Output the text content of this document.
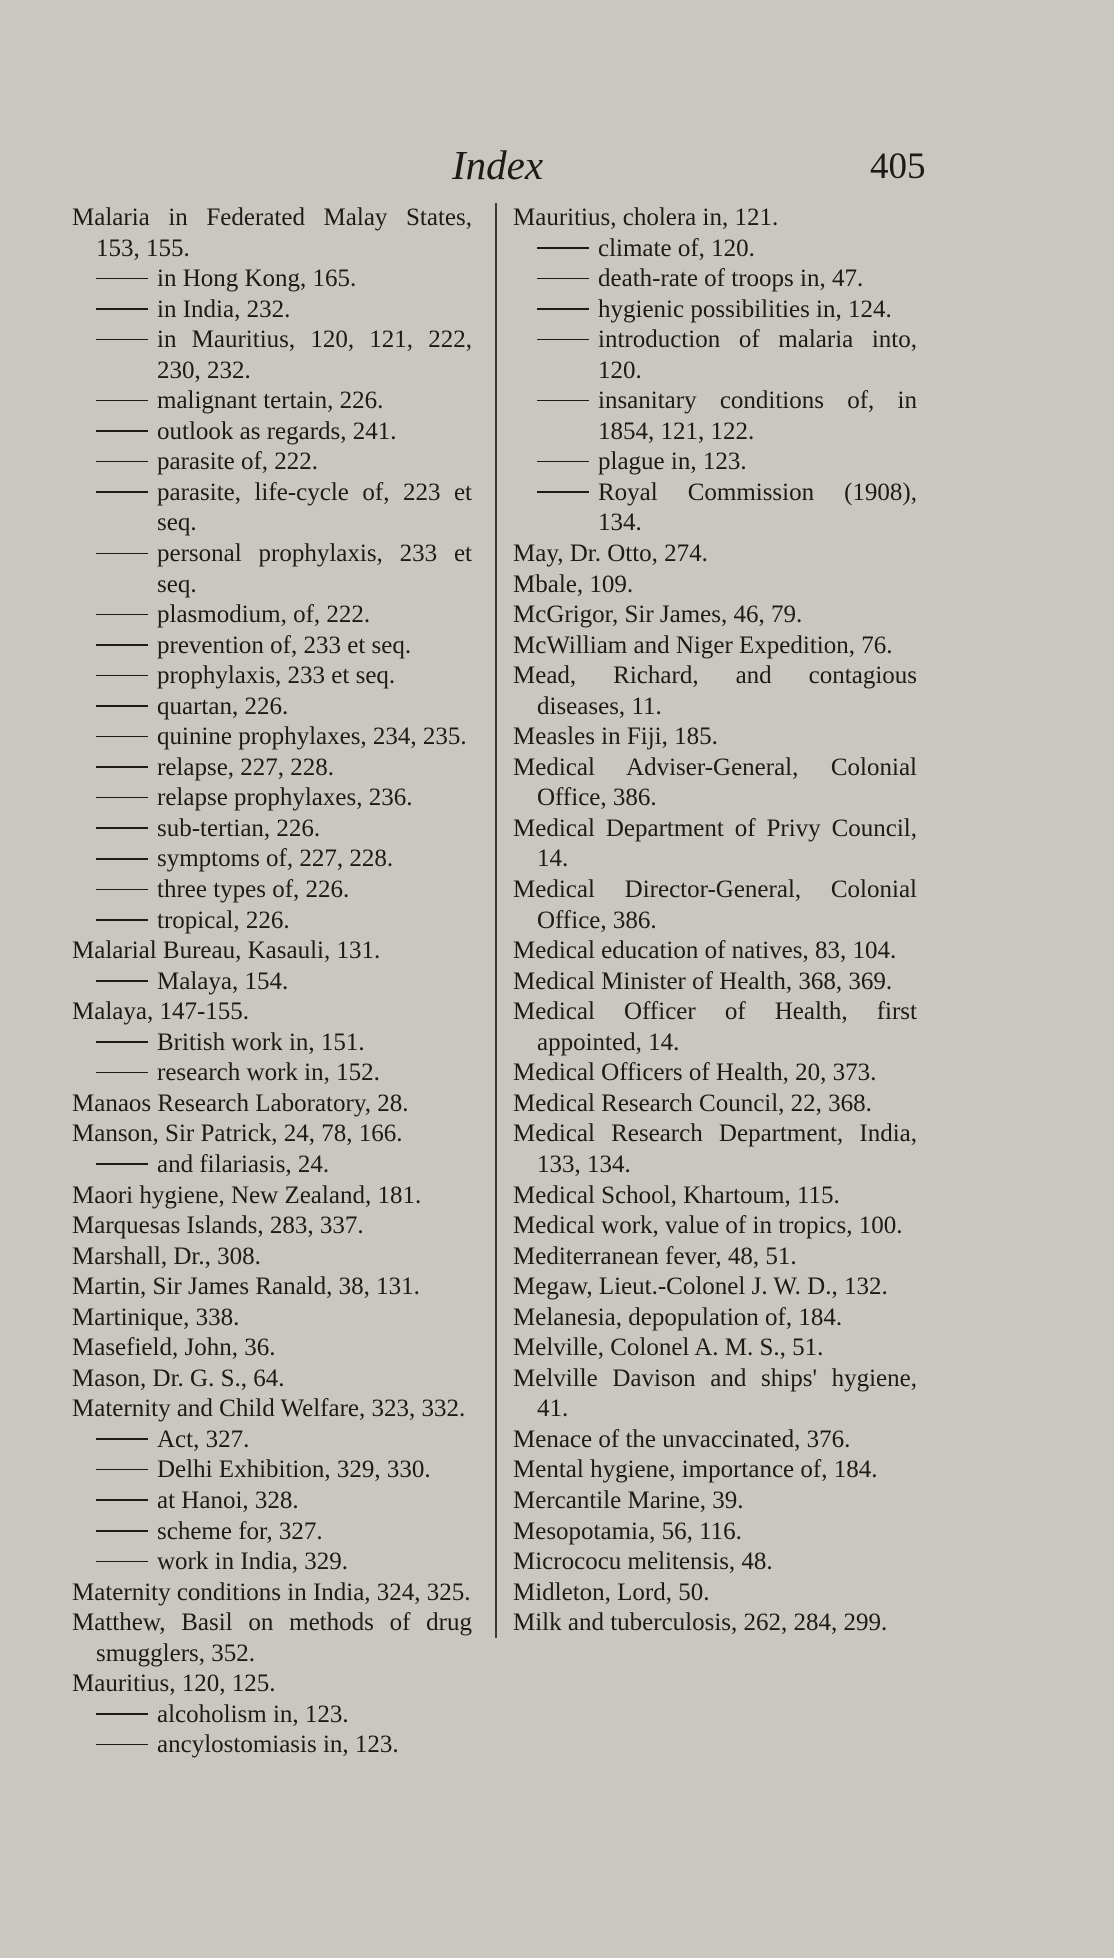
Index	405

Malaria in Federated Malay States, 153, 155.

in Hong Kong, 165.

in India, 232.

in Mauritius, 120, 121, 222, 230, 232.

malignant tertain, 226.

outlook as regards, 241.

parasite of, 222.

parasite, life-cycle of, 223 et seq.

personal prophylaxis, 233 et seq.

plasmodium, of, 222.

prevention of, 233 et seq.

prophylaxis, 233 et seq.

quartan, 226.

quinine prophylaxes, 234, 235.

relapse, 227, 228.

relapse prophylaxes, 236.

sub-tertian, 226.

symptoms of, 227, 228.

three types of, 226.

tropical, 226.

Malarial Bureau, Kasauli, 131.

Malaya, 154.

Malaya, 147-155.

British work in, 151.

research work in, 152.

Manaos Research Laboratory, 28.

Manson, Sir Patrick, 24, 78, 166.

and filariasis, 24.

Maori hygiene, New Zealand, 181.

Marquesas Islands, 283, 337.

Marshall, Dr., 308.

Martin, Sir James Ranald, 38, 131.

Martinique, 338.

Masefield, John, 36.

Mason, Dr. G. S., 64.

Maternity and Child Welfare, 323, 332.

Act, 327.

Delhi Exhibition, 329, 330.

at Hanoi, 328.

scheme for, 327.

work in India, 329.

Maternity conditions in India, 324, 325.

Matthew, Basil on methods of drug smugglers, 352.

Mauritius, 120, 125.

alcoholism in, 123.

ancylostomiasis in, 123.

Mauritius, cholera in, 121.

climate of, 120.

death-rate of troops in, 47.

hygienic possibilities in, 124.

introduction of malaria into, 120.

insanitary conditions of, in 1854, 121, 122.

plague in, 123.

Royal Commission (1908), 134.

May, Dr. Otto, 274.

Mbale, 109.

McGrigor, Sir James, 46, 79.

McWilliam and Niger Expedition, 76.

Mead, Richard, and contagious diseases, 11.

Measles in Fiji, 185.

Medical Adviser-General, Colonial Office, 386.

Medical Department of Privy Council, 14.

Medical Director-General, Colonial Office, 386.

Medical education of natives, 83, 104.

Medical Minister of Health, 368, 369.

Medical Officer of Health, first appointed, 14.

Medical Officers of Health, 20, 373.

Medical Research Council, 22, 368.

Medical Research Department, India, 133, 134.

Medical School, Khartoum, 115.

Medical work, value of in tropics, 100.

Mediterranean fever, 48, 51.

Megaw, Lieut.-Colonel J. W. D., 132.

Melanesia, depopulation of, 184.

Melville, Colonel A. M. S., 51.

Melville Davison and ships' hygiene, 41.

Menace of the unvaccinated, 376.

Mental hygiene, importance of, 184.

Mercantile Marine, 39.

Mesopotamia, 56, 116.

Micrococu melitensis, 48.

Midleton, Lord, 50.

Milk and tuberculosis, 262, 284, 299.
